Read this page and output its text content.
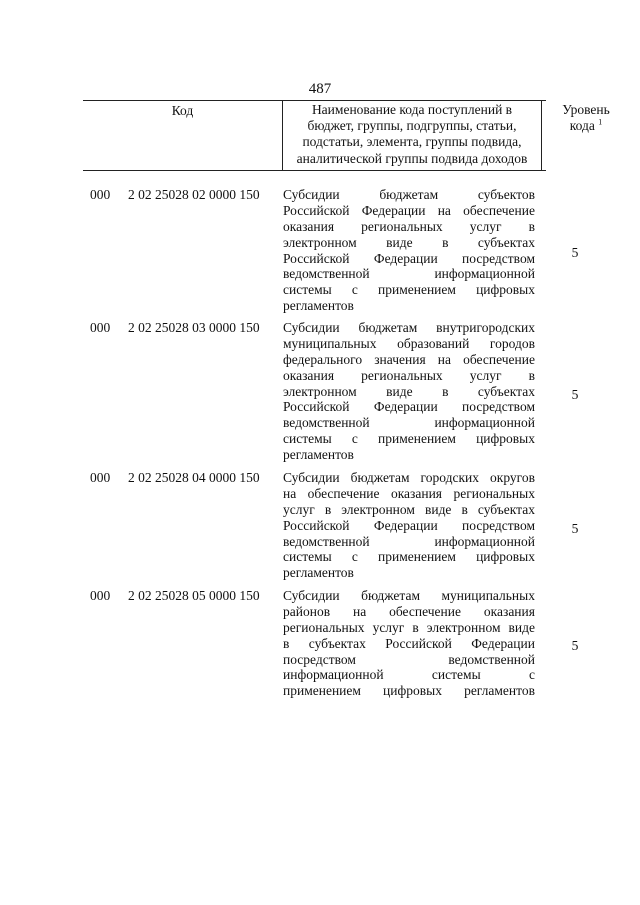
487
Код	Наименование кода поступлений в
бюджет, группы, подгруппы, статьи,
подстатьи, элемента, группы подвида,
аналитической группы подвида доходов
Уровень
кода $^1$
000 2 02 25028 02 0000 150 Субсидии	бюджетам	субъектов
Российской Федерации на обеспечение
оказания региональных услуг в
электронном виде в субъектах
Российской Федерации посредством
ведомственной	информационной
системы с применением цифровых
регламентов
5
000 2 02 25028 03 0000 150 Субсидии бюджетам внутригородских
муниципальных образований городов
федерального значения на обеспечение
оказания региональных услуг в
электронном виде в субъектах
Российской Федерации посредством
ведомственной	информационной
системы с применением цифровых
регламентов
5
000 2 02 25028 04 0000 150 Субсидии бюджетам городских округов
на обеспечение оказания региональных
услуг в электронном виде в субъектах
Российской Федерации посредством
ведомственной	информационной
системы с применением цифровых
регламентов
5
000 2 02 25028 05 0000 150 Субсидии бюджетам муниципальных
районов на обеспечение оказания
региональных услуг в электронном виде
в субъектах Российской Федерации
посредством	ведомственной
информационной	системы	с
применением цифровых регламентов
5
